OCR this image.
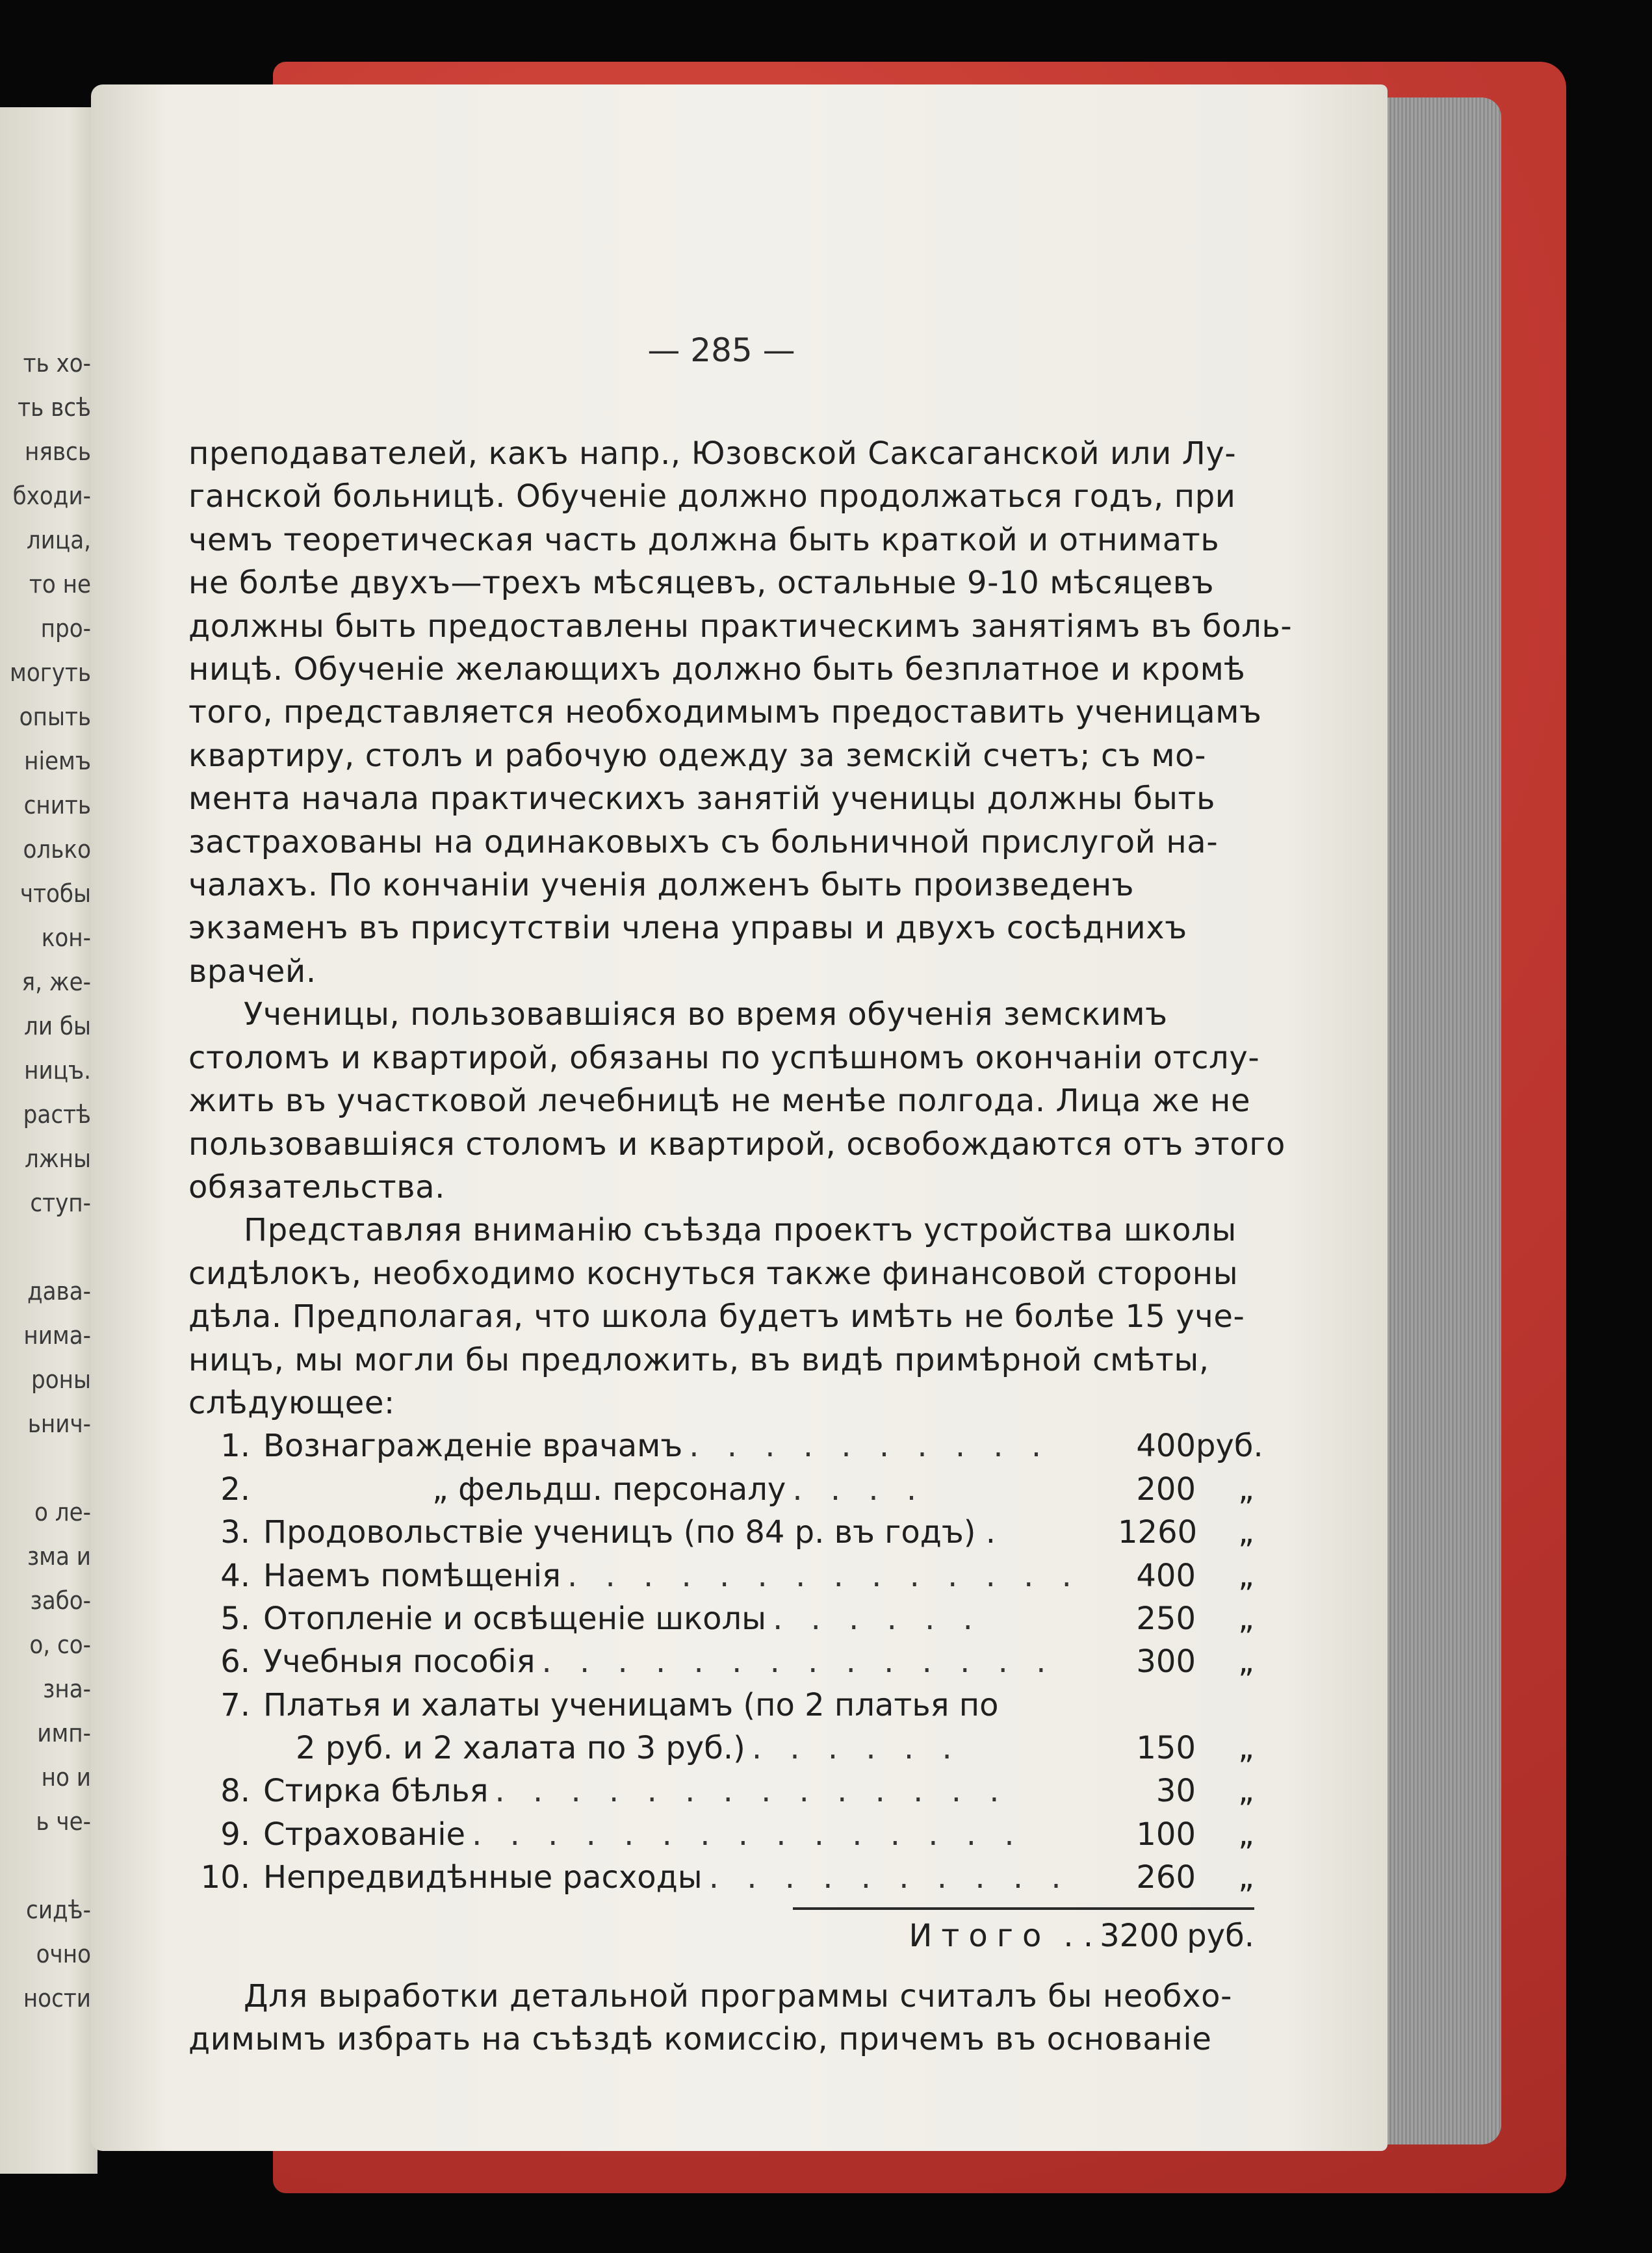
ть хо-
ть всѣ
нявсь
бходи-
лица,
то не
про-
могуть
опыть
нiемъ
снить
олько
чтобы
кон-
я, же-
ли бы
ницъ.
растѣ
лжны
ступ-

дава-
нима-
роны
ьнич-

о ле-
зма и
забо-
о, со-
зна-
имп-
но и
ь че-

сидѣ-
очно
ности
— 285 —
преподавателей, какъ напр., Юзовской Саксаганской или Лу-
ганской больницѣ. Обученiе должно продолжаться годъ, при
чемъ теоретическая часть должна быть краткой и отнимать
не болѣе двухъ—трехъ мѣсяцевъ, остальные 9-10 мѣсяцевъ
должны быть предоставлены практическимъ занятiямъ въ боль-
ницѣ. Обученiе желающихъ должно быть безплатное и кромѣ
того, представляется необходимымъ предоставить ученицамъ
квартиру, столъ и рабочую одежду за земскiй счетъ; съ мо-
мента начала практическихъ занятiй ученицы должны быть
застрахованы на одинаковыхъ съ больничной прислугой на-
чалахъ. По кончанiи ученiя долженъ быть произведенъ
экзаменъ въ присутствiи члена управы и двухъ сосѣднихъ
врачей.
Ученицы, пользовавшiяся во время обученiя земскимъ
столомъ и квартирой, обязаны по успѣшномъ окончанiи отслу-
жить въ участковой лечебницѣ не менѣе полгода. Лица же не
пользовавшiяся столомъ и квартирой, освобождаются отъ этого
обязательства.
Представляя вниманiю съѣзда проектъ устройства школы
сидѣлокъ, необходимо коснуться также финансовой стороны
дѣла. Предполагая, что школа будетъ имѣть не болѣе 15 уче-
ницъ, мы могли бы предложить, въ видѣ примѣрной смѣты,
слѣдующее:
1. Вознагражденiе врачамъ . . . . . . . . . .	400 руб.
2.	„ фельдш. персоналу . . . .	200	„
3. Продовольствiе ученицъ (по 84 р. въ годъ) .	1260	„
4. Наемъ помѣщенiя . . . . . . . . . . . . . .	400	„
5. Отопленiе и освѣщенiе школы . . . . . .	250	„
6. Учебныя пособiя . . . . . . . . . . . . . .	300	„
7. Платья и халаты ученицамъ (по 2 платья по
2 руб. и 2 халата по 3 руб.) . . . . . .	150	„
8. Стирка бѣлья . . . . . . . . . . . . . .	30	„
9. Страхованiе . . . . . . . . . . . . . . .	100	„
10. Непредвидѣнные расходы . . . . . . . . . .	260	„
Итого . . 3200 руб.
Для выработки детальной программы считалъ бы необхо-
димымъ избрать на съѣздѣ комиссiю, причемъ въ основанiе
